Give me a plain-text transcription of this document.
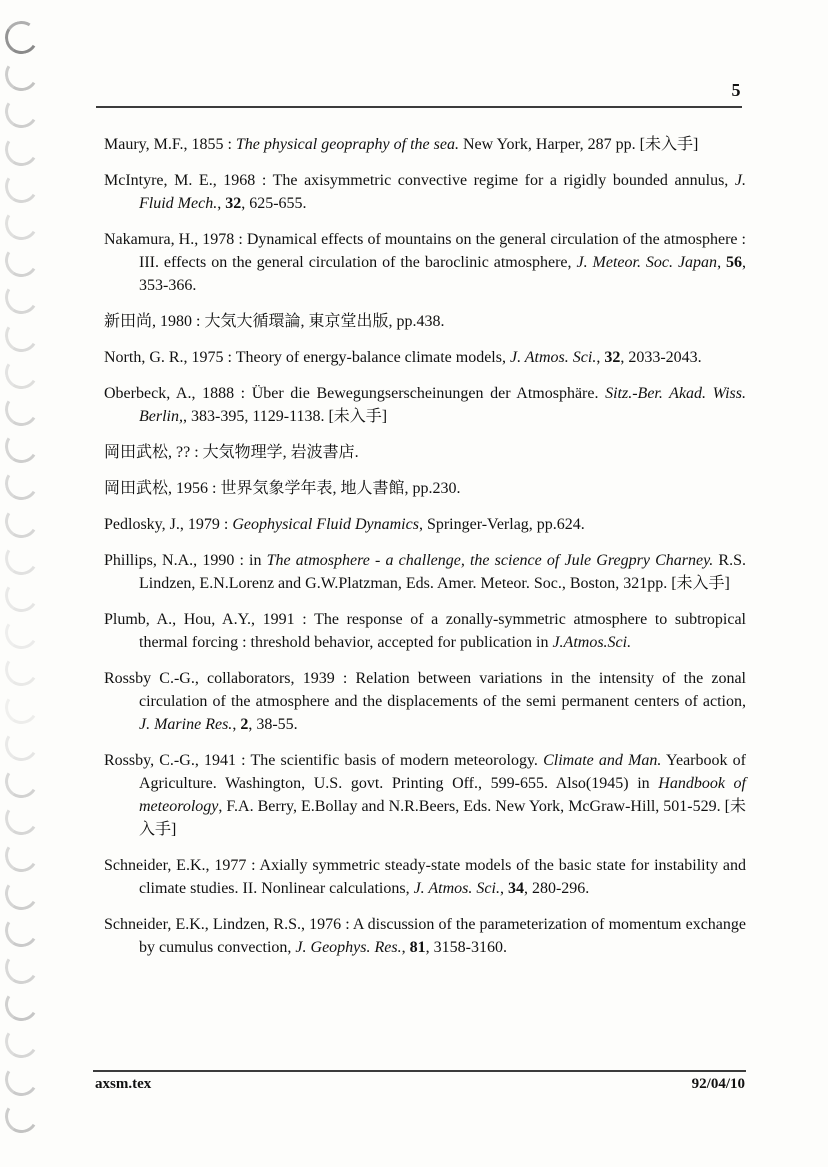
5

Maury, M.F., 1855 : The physical geopraphy of the sea. New York, Harper, 287 pp. [未入手]

McIntyre, M. E., 1968 : The axisymmetric convective regime for a rigidly bounded annulus, J. Fluid Mech., 32, 625-655.

Nakamura, H., 1978 : Dynamical effects of mountains on the general circulation of the atmosphere : III. effects on the general circulation of the baroclinic atmosphere, J. Meteor. Soc. Japan, 56, 353-366.

新田尚, 1980 : 大気大循環論, 東京堂出版, pp.438.

North, G. R., 1975 : Theory of energy-balance climate models, J. Atmos. Sci., 32, 2033-2043.

Oberbeck, A., 1888 : Über die Bewegungserscheinungen der Atmosphäre. Sitz.-Ber. Akad. Wiss. Berlin,, 383-395, 1129-1138. [未入手]

岡田武松, ?? : 大気物理学, 岩波書店.

岡田武松, 1956 : 世界気象学年表, 地人書館, pp.230.

Pedlosky, J., 1979 : Geophysical Fluid Dynamics, Springer-Verlag, pp.624.

Phillips, N.A., 1990 : in The atmosphere - a challenge, the science of Jule Gregpry Charney. R.S. Lindzen, E.N.Lorenz and G.W.Platzman, Eds. Amer. Meteor. Soc., Boston, 321pp. [未入手]

Plumb, A., Hou, A.Y., 1991 : The response of a zonally-symmetric atmosphere to subtropical thermal forcing : threshold behavior, accepted for publication in J.Atmos.Sci.

Rossby C.-G., collaborators, 1939 : Relation between variations in the intensity of the zonal circulation of the atmosphere and the displacements of the semi permanent centers of action, J. Marine Res., 2, 38-55.

Rossby, C.-G., 1941 : The scientific basis of modern meteorology. Climate and Man. Yearbook of Agriculture. Washington, U.S. govt. Printing Off., 599-655. Also(1945) in Handbook of meteorology, F.A. Berry, E.Bollay and N.R.Beers, Eds. New York, McGraw-Hill, 501-529. [未入手]

Schneider, E.K., 1977 : Axially symmetric steady-state models of the basic state for instability and climate studies. II. Nonlinear calculations, J. Atmos. Sci., 34, 280-296.

Schneider, E.K., Lindzen, R.S., 1976 : A discussion of the parameterization of momentum exchange by cumulus convection, J. Geophys. Res., 81, 3158-3160.

axsm.tex	92/04/10
